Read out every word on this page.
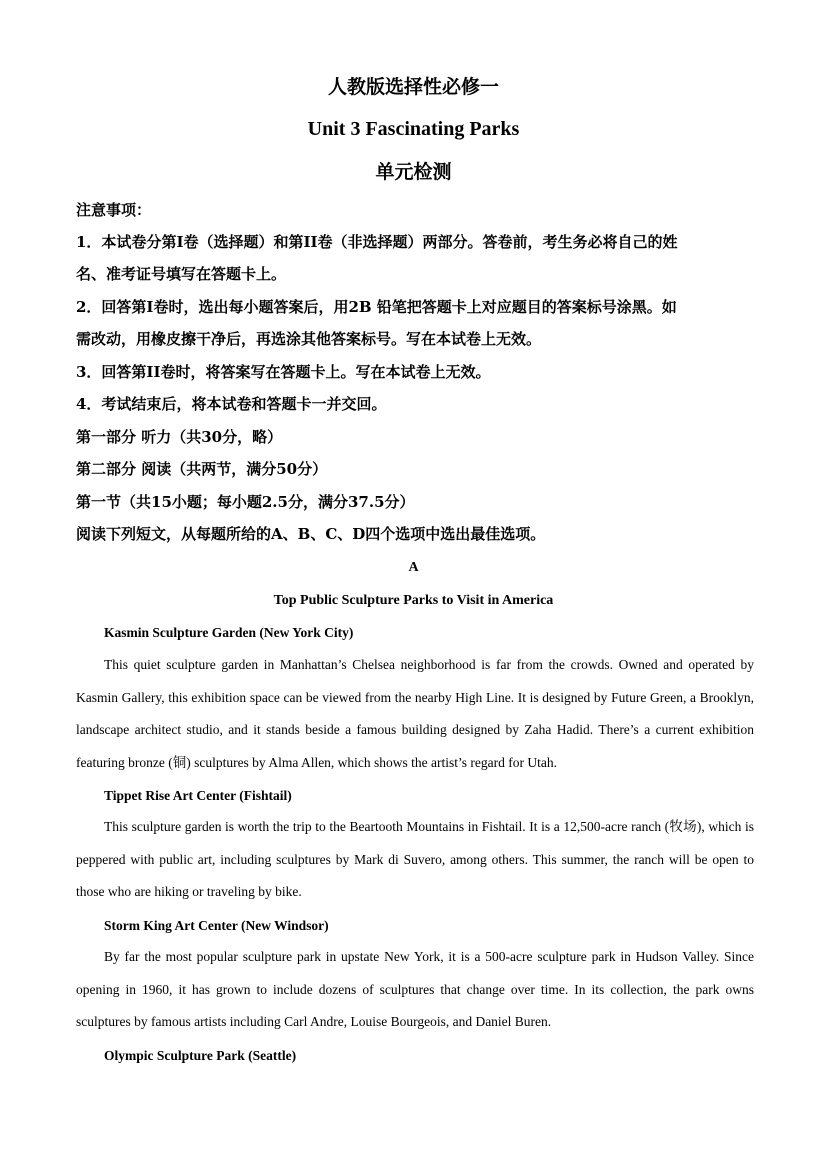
人教版选择性必修一
Unit 3 Fascinating Parks
单元检测
注意事项：
1．本试卷分第I卷（选择题）和第II卷（非选择题）两部分。答卷前，考生务必将自己的姓
名、准考证号填写在答题卡上。
2．回答第I卷时，选出每小题答案后，用2B 铅笔把答题卡上对应题目的答案标号涂黑。如
需改动，用橡皮擦干净后，再选涂其他答案标号。写在本试卷上无效。
3．回答第II卷时，将答案写在答题卡上。写在本试卷上无效。
4．考试结束后，将本试卷和答题卡一并交回。
第一部分 听力（共30分，略）
第二部分 阅读（共两节，满分50分）
第一节（共15小题；每小题2.5分，满分37.5分）
阅读下列短文，从每题所给的A、B、C、D四个选项中选出最佳选项。
A
Top Public Sculpture Parks to Visit in America
Kasmin Sculpture Garden (New York City)
This quiet sculpture garden in Manhattan’s Chelsea neighborhood is far from the crowds. Owned and operated by Kasmin Gallery, this exhibition space can be viewed from the nearby High Line. It is designed by Future Green, a Brooklyn, landscape architect studio, and it stands beside a famous building designed by Zaha Hadid. There’s a current exhibition featuring bronze (铜) sculptures by Alma Allen, which shows the artist’s regard for Utah.
Tippet Rise Art Center (Fishtail)
This sculpture garden is worth the trip to the Beartooth Mountains in Fishtail. It is a 12,500-acre ranch (牧场), which is peppered with public art, including sculptures by Mark di Suvero, among others. This summer, the ranch will be open to those who are hiking or traveling by bike.
Storm King Art Center (New Windsor)
By far the most popular sculpture park in upstate New York, it is a 500-acre sculpture park in Hudson Valley. Since opening in 1960, it has grown to include dozens of sculptures that change over time. In its collection, the park owns sculptures by famous artists including Carl Andre, Louise Bourgeois, and Daniel Buren.
Olympic Sculpture Park (Seattle)
